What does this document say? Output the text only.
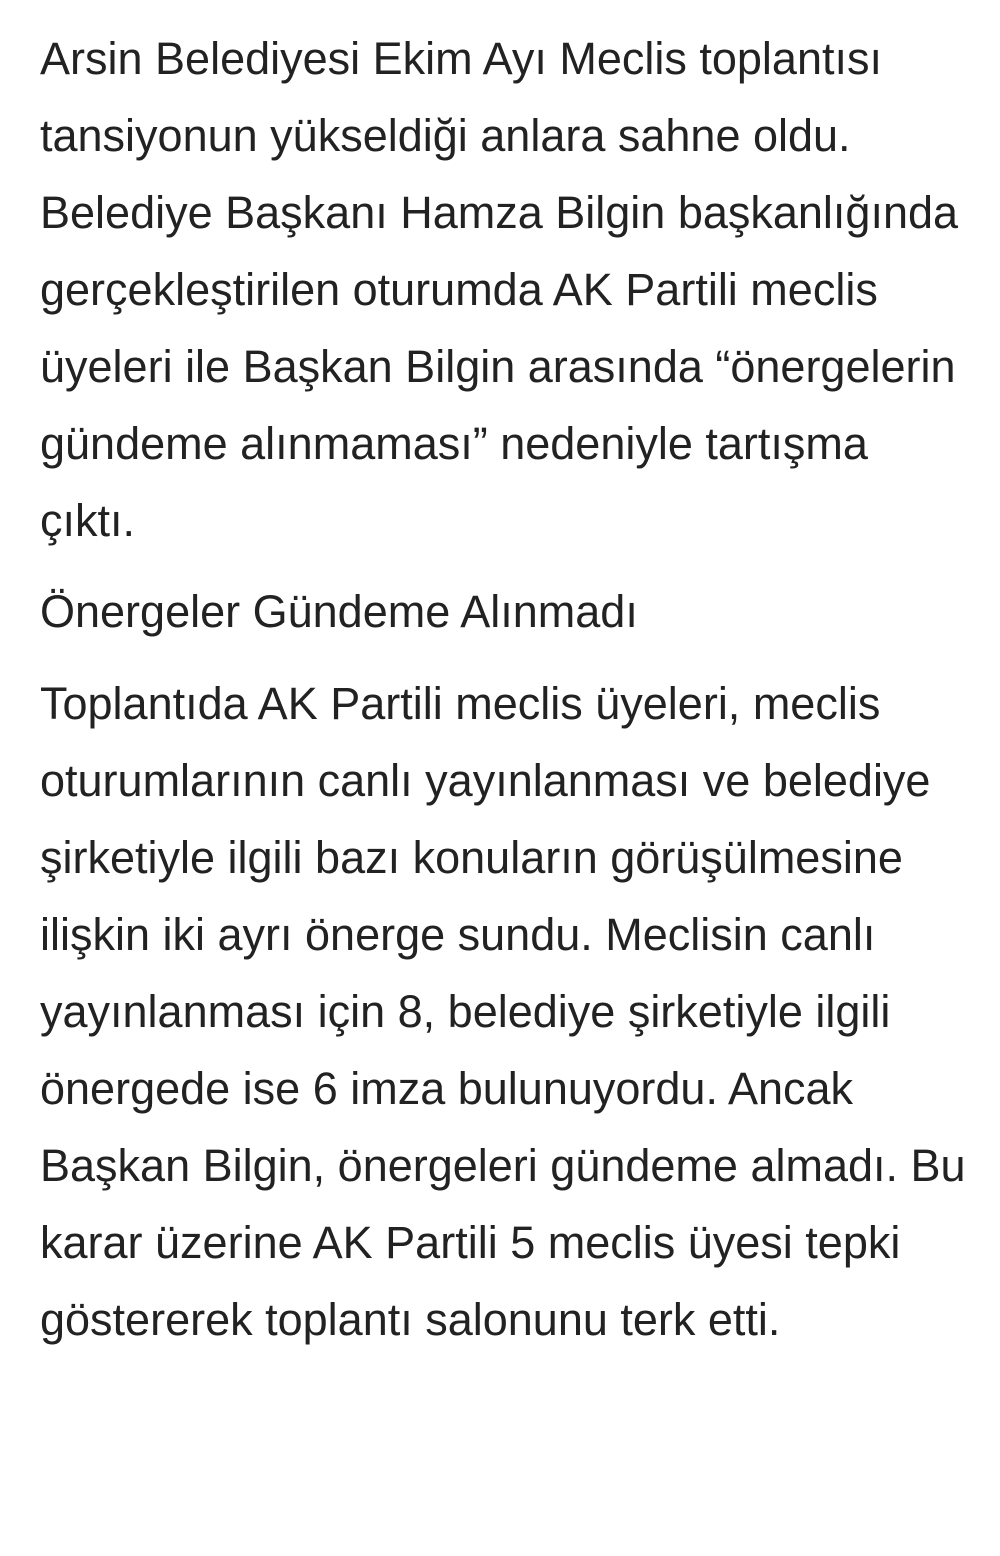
Arsin Belediyesi Ekim Ayı Meclis toplantısı tansiyonun yükseldiği anlara sahne oldu. Belediye Başkanı Hamza Bilgin başkanlığında gerçekleştirilen oturumda AK Partili meclis üyeleri ile Başkan Bilgin arasında “önergelerin gündeme alınmaması” nedeniyle tartışma çıktı.

Önergeler Gündeme Alınmadı

Toplantıda AK Partili meclis üyeleri, meclis oturumlarının canlı yayınlanması ve belediye şirketiyle ilgili bazı konuların görüşülmesine ilişkin iki ayrı önerge sundu. Meclisin canlı yayınlanması için 8, belediye şirketiyle ilgili önergede ise 6 imza bulunuyordu. Ancak Başkan Bilgin, önergeleri gündeme almadı. Bu karar üzerine AK Partili 5 meclis üyesi tepki göstererek toplantı salonunu terk etti.
